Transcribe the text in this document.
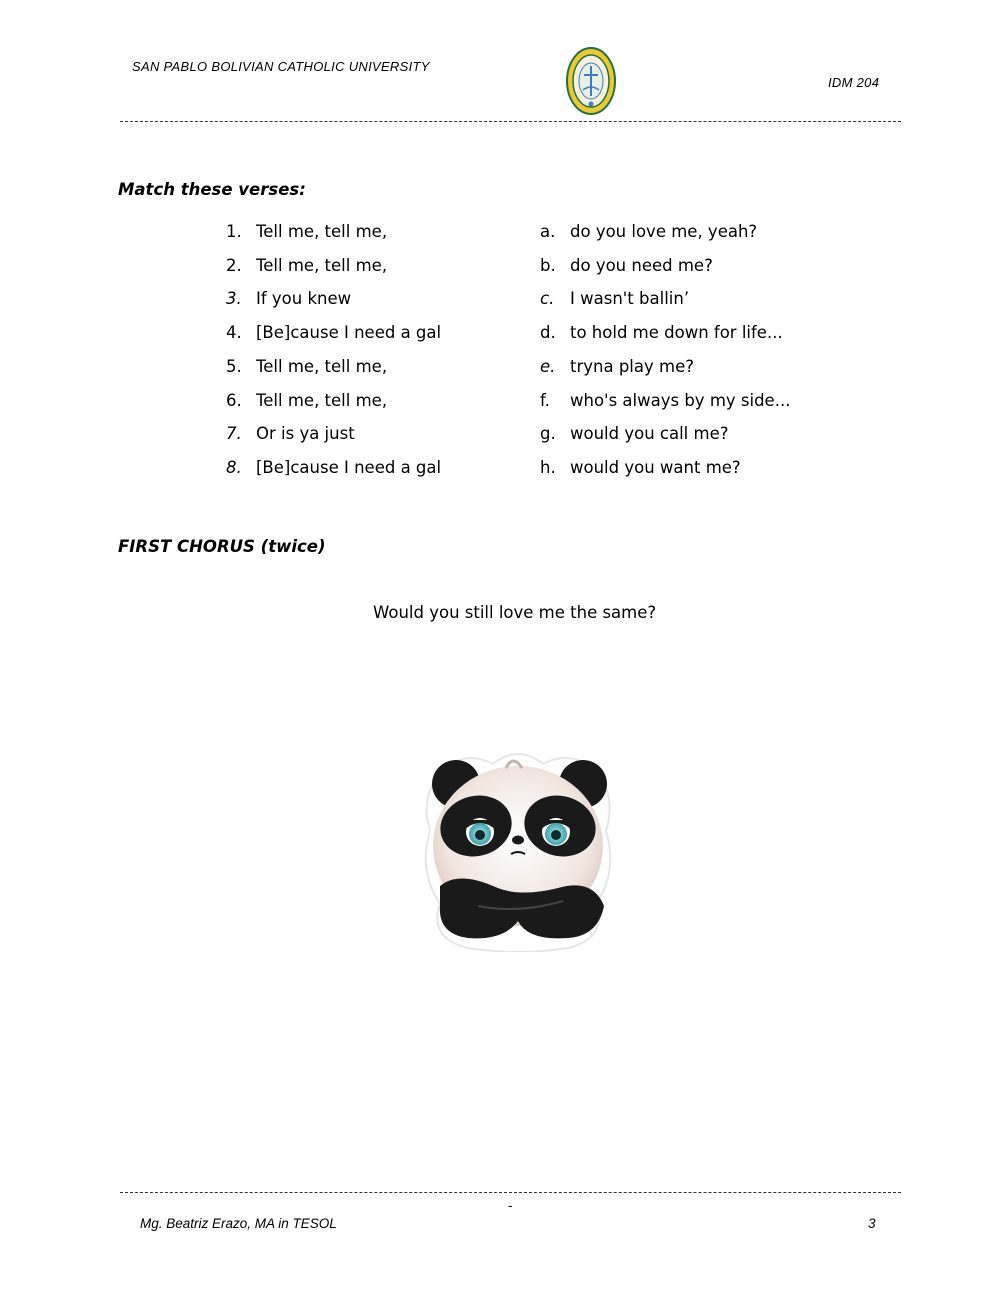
SAN PABLO BOLIVIAN CATHOLIC UNIVERSITY
IDM 204
Match these verses:
1. Tell me, tell me,
2. Tell me, tell me,
3. If you knew
4. [Be]cause I need a gal
5. Tell me, tell me,
6. Tell me, tell me,
7. Or is ya just
8. [Be]cause I need a gal
a. do you love me, yeah?
b. do you need me?
c. I wasn't ballin’
d. to hold me down for life...
e. tryna play me?
f.	who's always by my side...
g. would you call me?
h. would you want me?
FIRST CHORUS (twice)
Would you still love me the same?
-
Mg. Beatriz Erazo, MA in TESOL	3
